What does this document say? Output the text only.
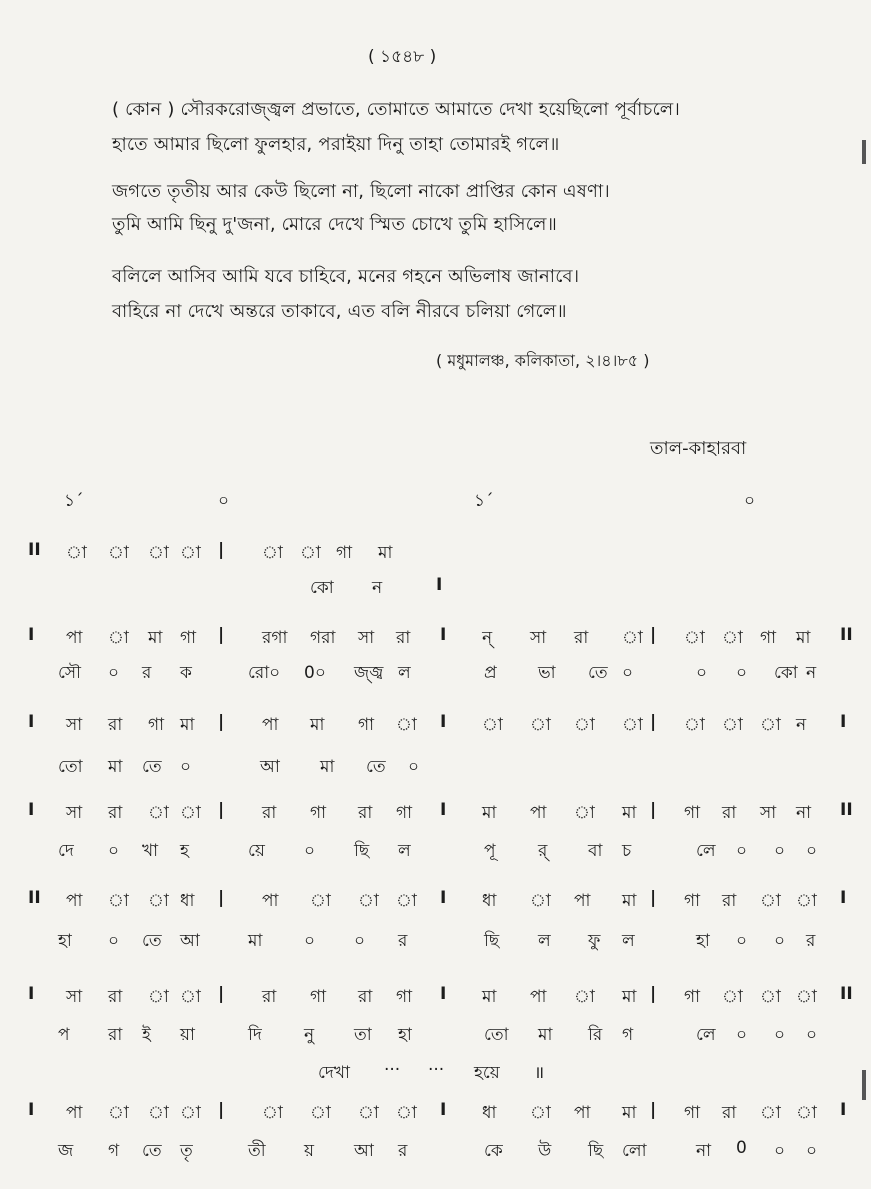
( ১৫৪৮ )
( কোন ) সৌরকরোজ্জ্বল প্রভাতে, তোমাতে আমাতে দেখা হয়েছিলো পূর্বাচলে।
হাতে আমার ছিলো ফুলহার, পরাইয়া দিনু তাহা তোমারই গলে॥
জগতে তৃতীয় আর কেউ ছিলো না, ছিলো নাকো প্রাপ্তির কোন এষণা।
তুমি আমি ছিনু দু'জনা, মোরে দেখে স্মিত চোখে তুমি হাসিলে॥
বলিলে আসিব আমি যবে চাহিবে, মনের গহনে অভিলাষ জানাবে।
বাহিরে না দেখে অন্তরে তাকাবে, এত বলি নীরবে চলিয়া গেলে॥
( মধুমালঞ্চ, কলিকাতা, ২।৪।৮৫ )
তাল-কাহারবা
১´	০	১´	০
II া া া া | া া গা মা
কো ন	I
I পা া মা গা | রগা গরা সা রা I ন্ সা রা া | া া গা মা II
সৌ ০ র ক	রো০ 0০ জ্জ্ব ল	প্র ভা তে ০	০ ০ কো ন
I সা রা গা মা | পা মা গা া I া া া া | া া া ন I
তো মা তে ০	আ মা তে ০
I সা রা া া | রা গা রা গা I মা পা া মা | গা রা সা না II
দে ০ খা হ	য়ে ০ ছি ল	পূ র্ বা চ	লে ০ ০ ০
II পা া া ধা | পা া া া I ধা া পা মা | গা রা া া I
হা ০ তে আ	মা ০ ০ র	ছি ল ফু ল	হা ০ ০ র
I সা রা া া | রা গা রা গা I মা পা া মা | গা া া া II
প রা ই য়া	দি নু তা হা	তো মা রি গ	লে ০ ০ ০
দেখা ··· ··· হয়ে ॥
I পা া া া | া া া া I ধা া পা মা | গা রা া া I
জ গ তে তৃ	তী য় আ র	কে উ ছি লো	না 0 ০ ০
